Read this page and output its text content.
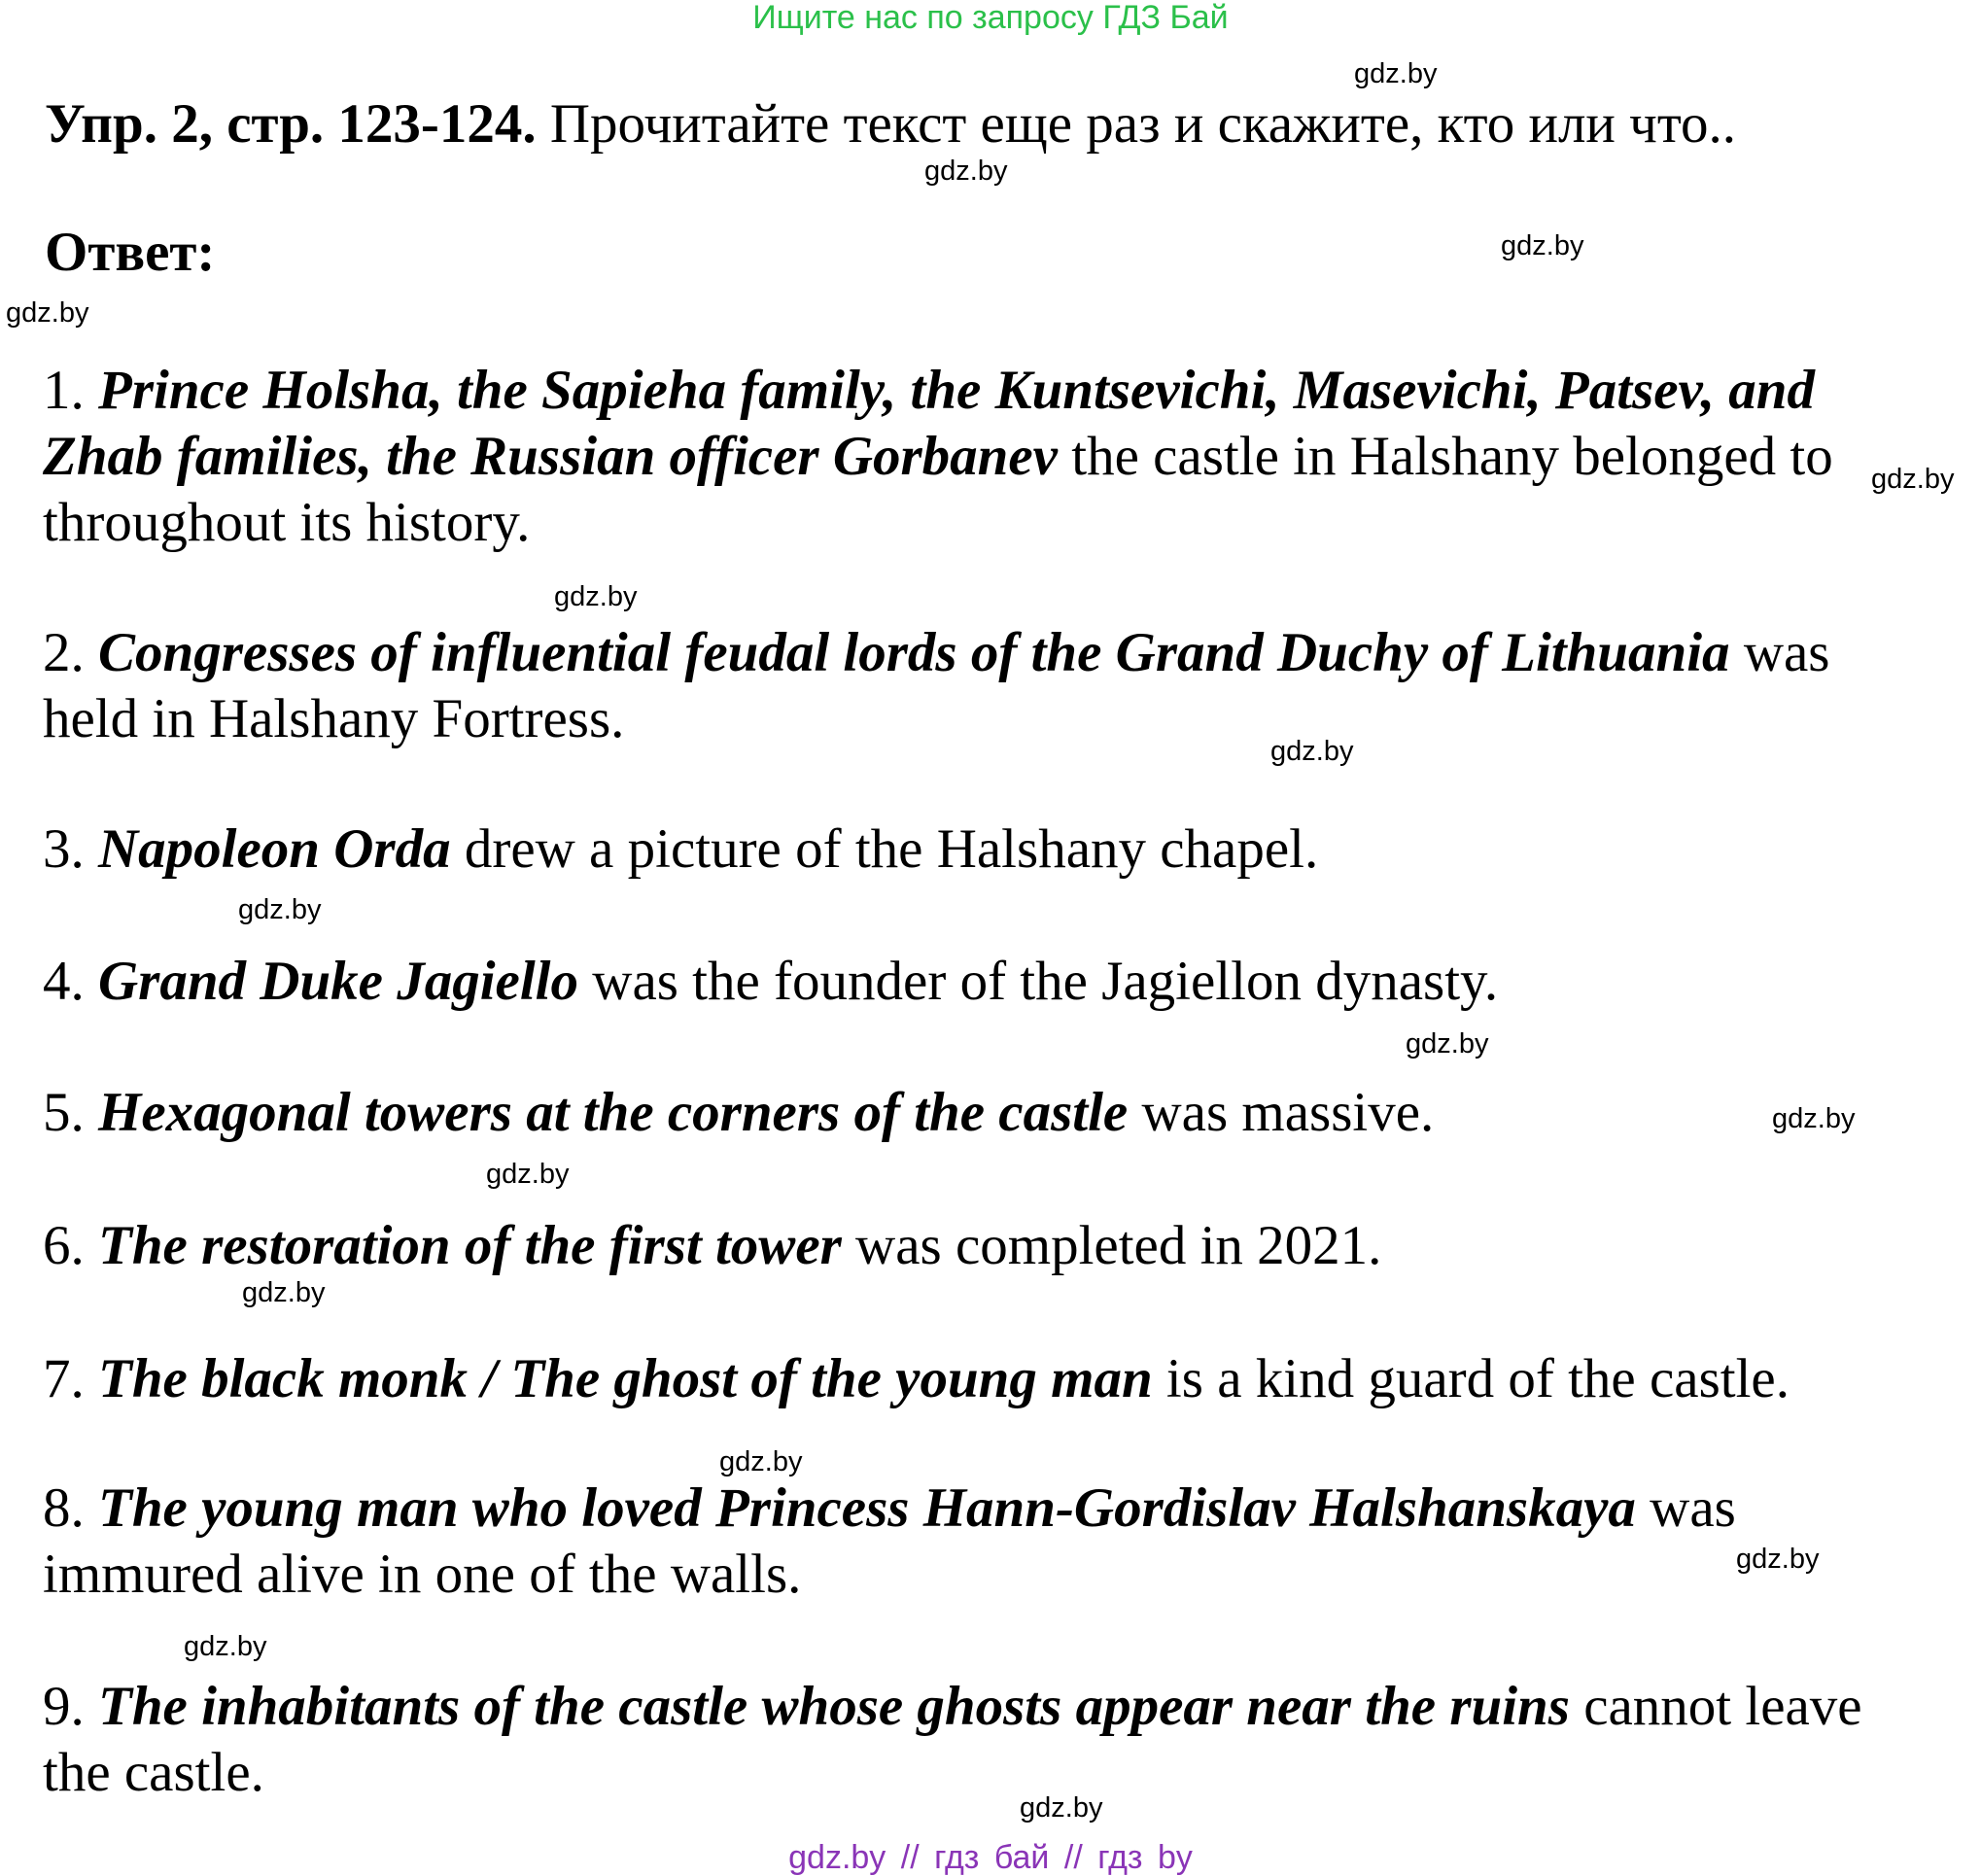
Ищите нас по запросу ГДЗ Бай
Упр. 2, стр. 123-124. Прочитайте текст еще раз и скажите, кто или что..
Ответ:
1. Prince Holsha, the Sapieha family, the Kuntsevichi, Masevichi, Patsev, and Zhab families, the Russian officer Gorbanev the castle in Halshany belonged to throughout its history.
2. Congresses of influential feudal lords of the Grand Duchy of Lithuania was held in Halshany Fortress.
3. Napoleon Orda drew a picture of the Halshany chapel.
4. Grand Duke Jagiello was the founder of the Jagiellon dynasty.
5. Hexagonal towers at the corners of the castle was massive.
6. The restoration of the first tower was completed in 2021.
7. The black monk / The ghost of the young man is a kind guard of the castle.
8. The young man who loved Princess Hann-Gordislav Halshanskaya was immured alive in one of the walls.
9. The inhabitants of the castle whose ghosts appear near the ruins cannot leave the castle.
gdz.by
gdz.by
gdz.by
gdz.by
gdz.by
gdz.by
gdz.by
gdz.by
gdz.by
gdz.by
gdz.by
gdz.by
gdz.by
gdz.by
gdz.by
gdz.by
gdz.by // гдз бай // гдз by
